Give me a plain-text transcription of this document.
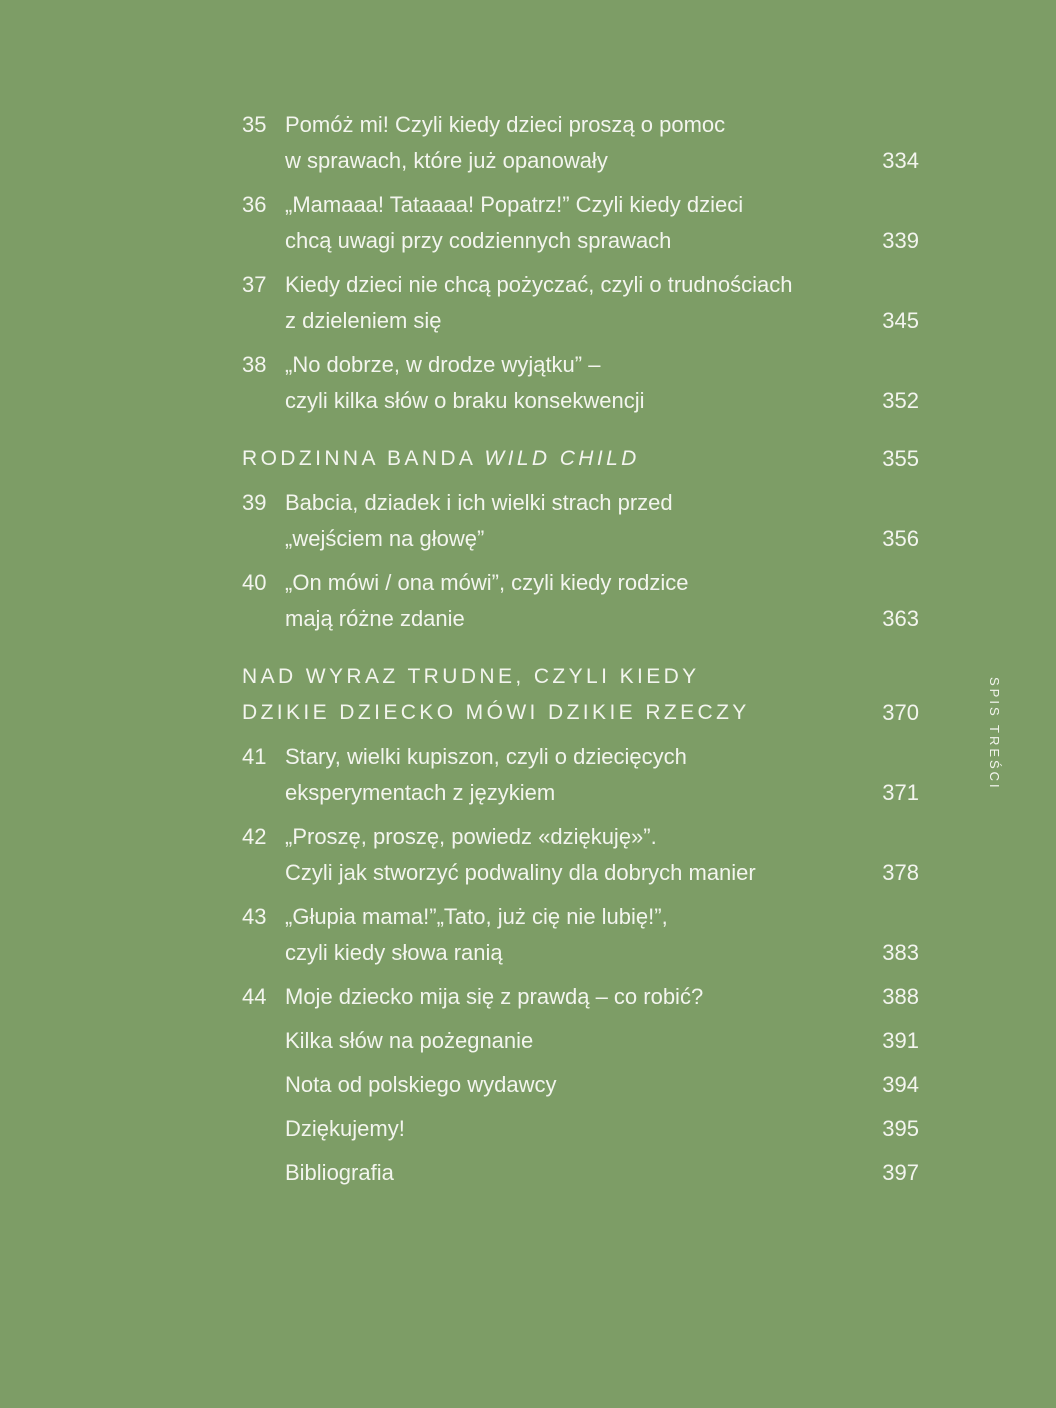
35 Pomóż mi! Czyli kiedy dzieci proszą o pomoc
w sprawach, które już opanowały	334
36 „Mamaaa! Tataaaa! Popatrz!” Czyli kiedy dzieci
chcą uwagi przy codziennych sprawach	339
37 Kiedy dzieci nie chcą pożyczać, czyli o trudnościach
z dzieleniem się	345
38 „No dobrze, w drodze wyjątku” –
czyli kilka słów o braku konsekwencji	352
RODZINNA BANDA WILD CHILD	355
39 Babcia, dziadek i ich wielki strach przed
„wejściem na głowę”	356
40 „On mówi / ona mówi”, czyli kiedy rodzice
mają różne zdanie	363
NAD WYRAZ TRUDNE, CZYLI KIEDY
DZIKIE DZIECKO MÓWI DZIKIE RZECZY	370
41 Stary, wielki kupiszon, czyli o dziecięcych
eksperymentach z językiem	371
42 „Proszę, proszę, powiedz «dziękuję»”.
Czyli jak stworzyć podwaliny dla dobrych manier	378
43 „Głupia mama!”„Tato, już cię nie lubię!”,
czyli kiedy słowa ranią	383
44 Moje dziecko mija się z prawdą – co robić?	388
Kilka słów na pożegnanie	391
Nota od polskiego wydawcy	394
Dziękujemy!	395
Bibliografia	397
SPIS TREŚCI
